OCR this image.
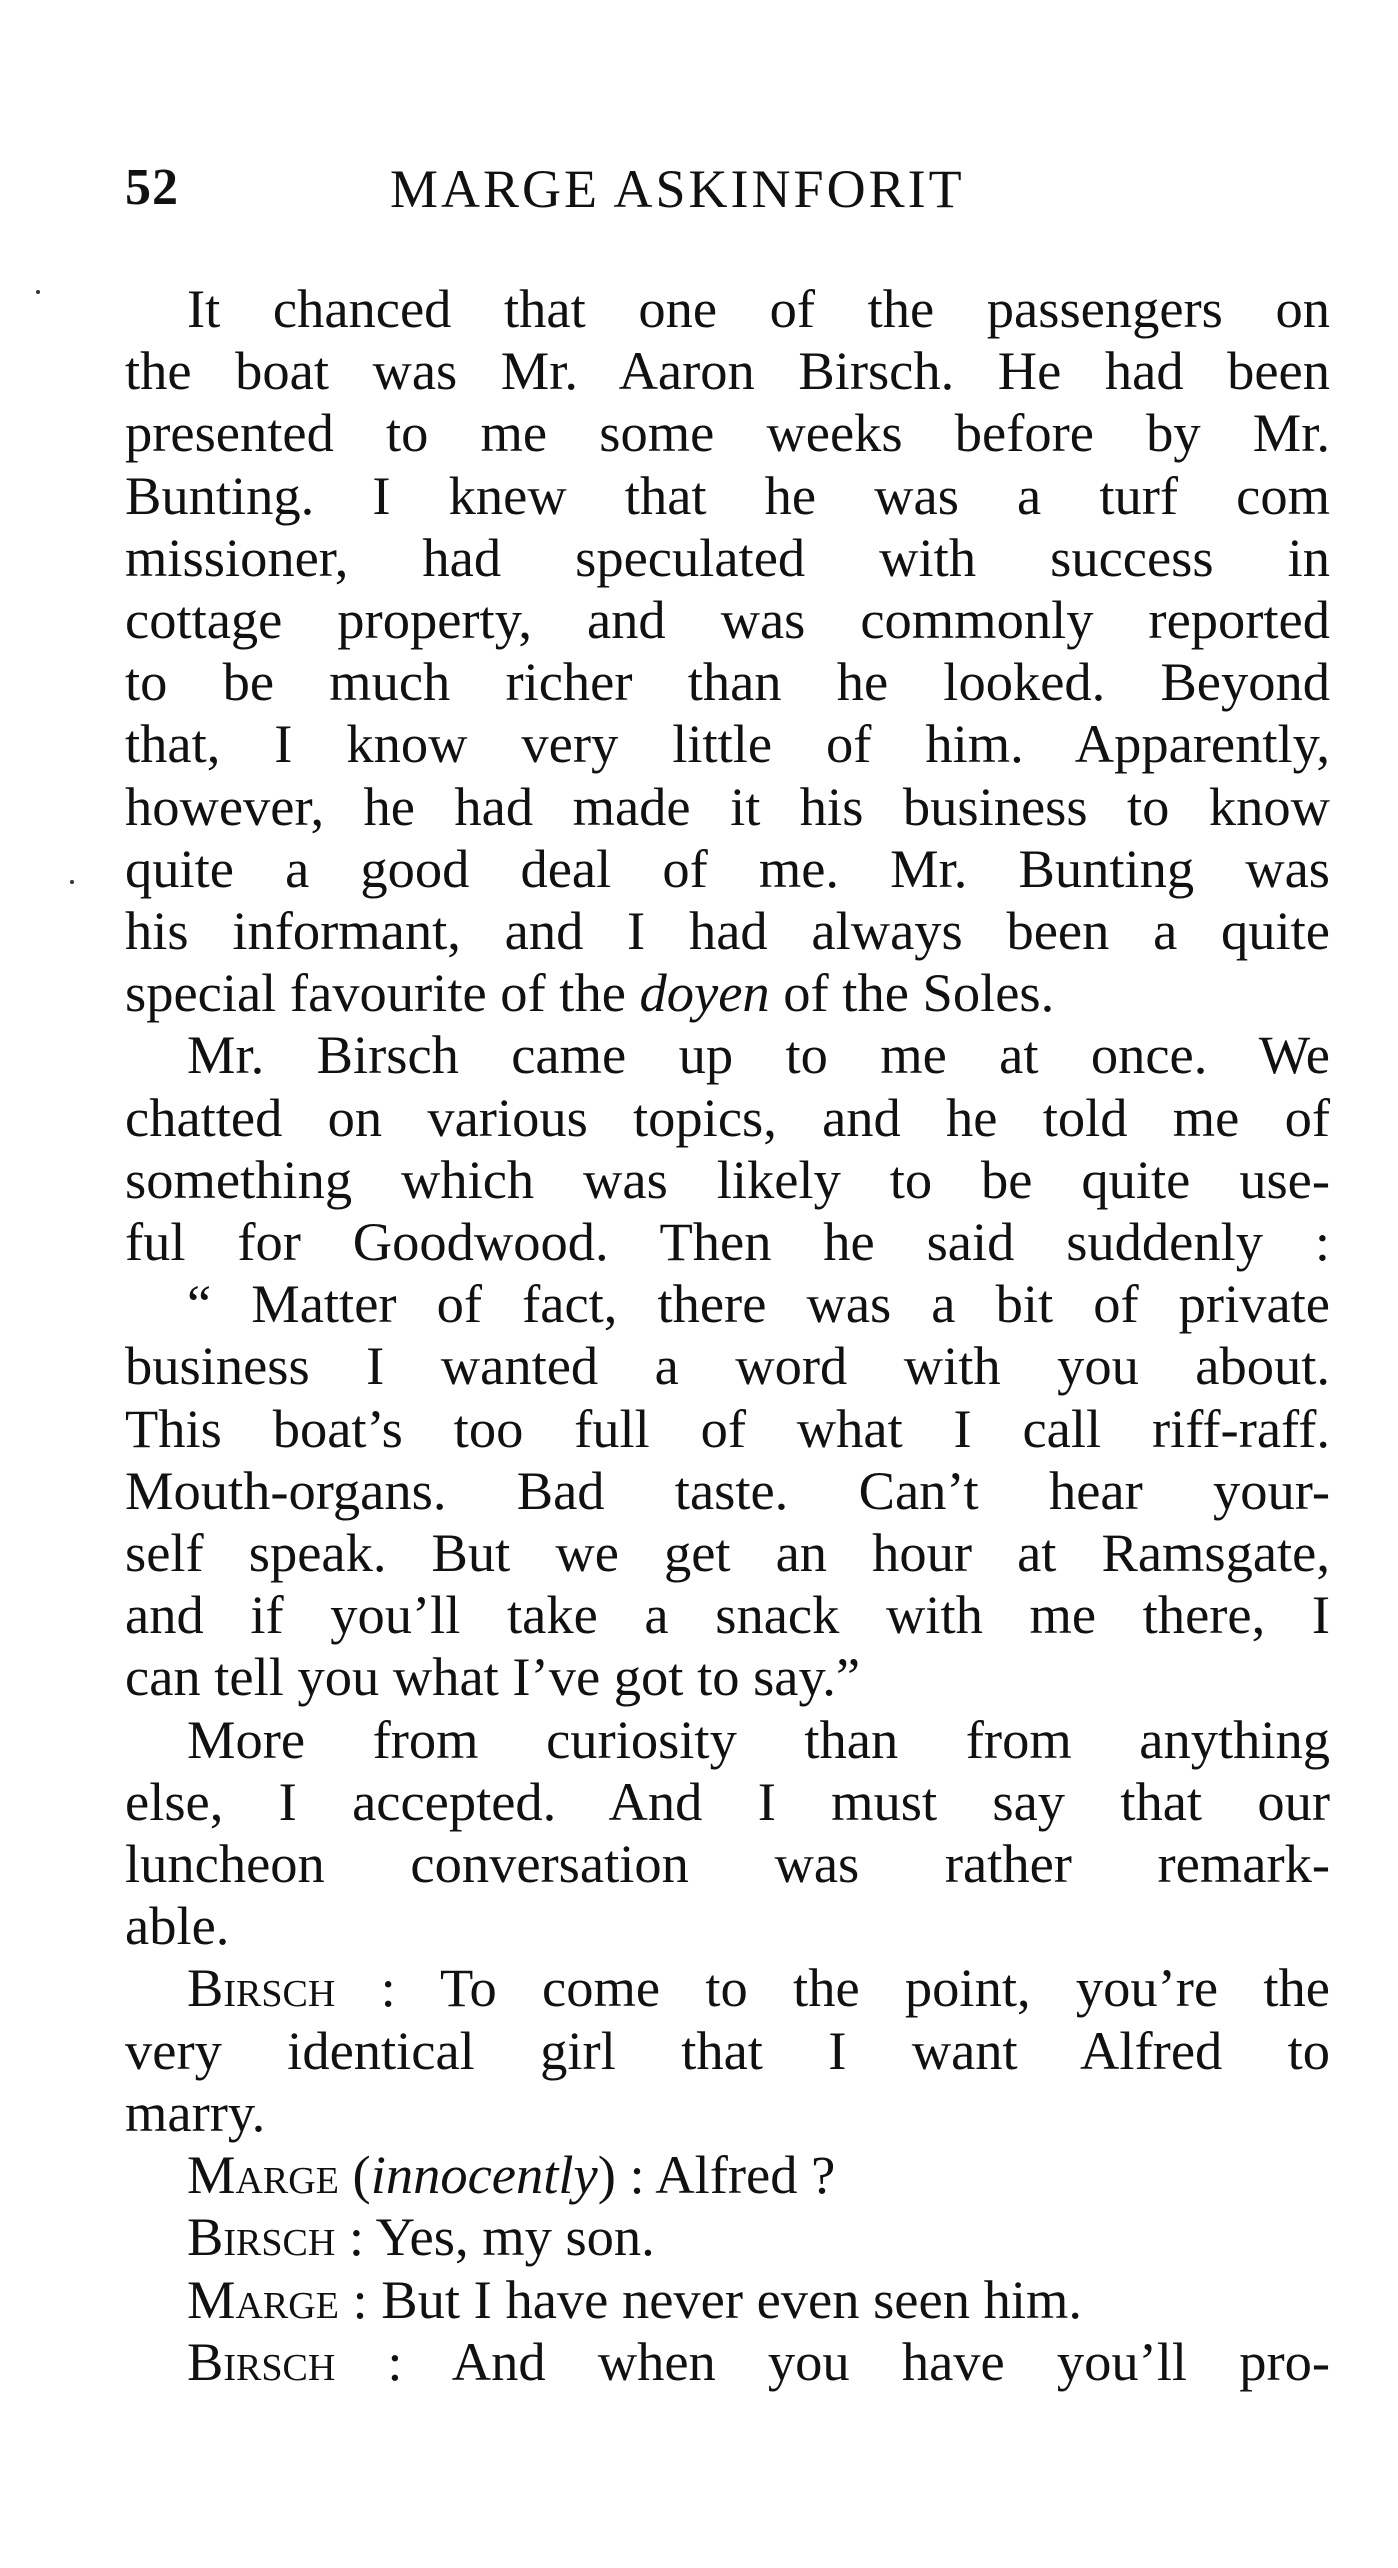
52	MARGE ASKINFORIT
It chanced that one of the passengers on
the boat was Mr. Aaron Birsch. He had been
presented to me some weeks before by Mr.
Bunting. I knew that he was a turf com
missioner, had speculated with success in
cottage property, and was commonly reported
to be much richer than he looked. Beyond
that, I know very little of him. Apparently,
however, he had made it his business to know
quite a good deal of me. Mr. Bunting was
his informant, and I had always been a quite
special favourite of the doyen of the Soles.
Mr. Birsch came up to me at once. We
chatted on various topics, and he told me of
something which was likely to be quite use-
ful for Goodwood. Then he said suddenly :
“ Matter of fact, there was a bit of private
business I wanted a word with you about.
This boat’s too full of what I call riff-raff.
Mouth-organs. Bad taste. Can’t hear your-
self speak. But we get an hour at Ramsgate,
and if you’ll take a snack with me there, I
can tell you what I’ve got to say.”
More from curiosity than from anything
else, I accepted. And I must say that our
luncheon conversation was rather remark-
able.
Birsch : To come to the point, you’re the
very identical girl that I want Alfred to
marry.
Marge (innocently) : Alfred ?
Birsch : Yes, my son.
Marge : But I have never even seen him.
Birsch : And when you have you’ll pro-
